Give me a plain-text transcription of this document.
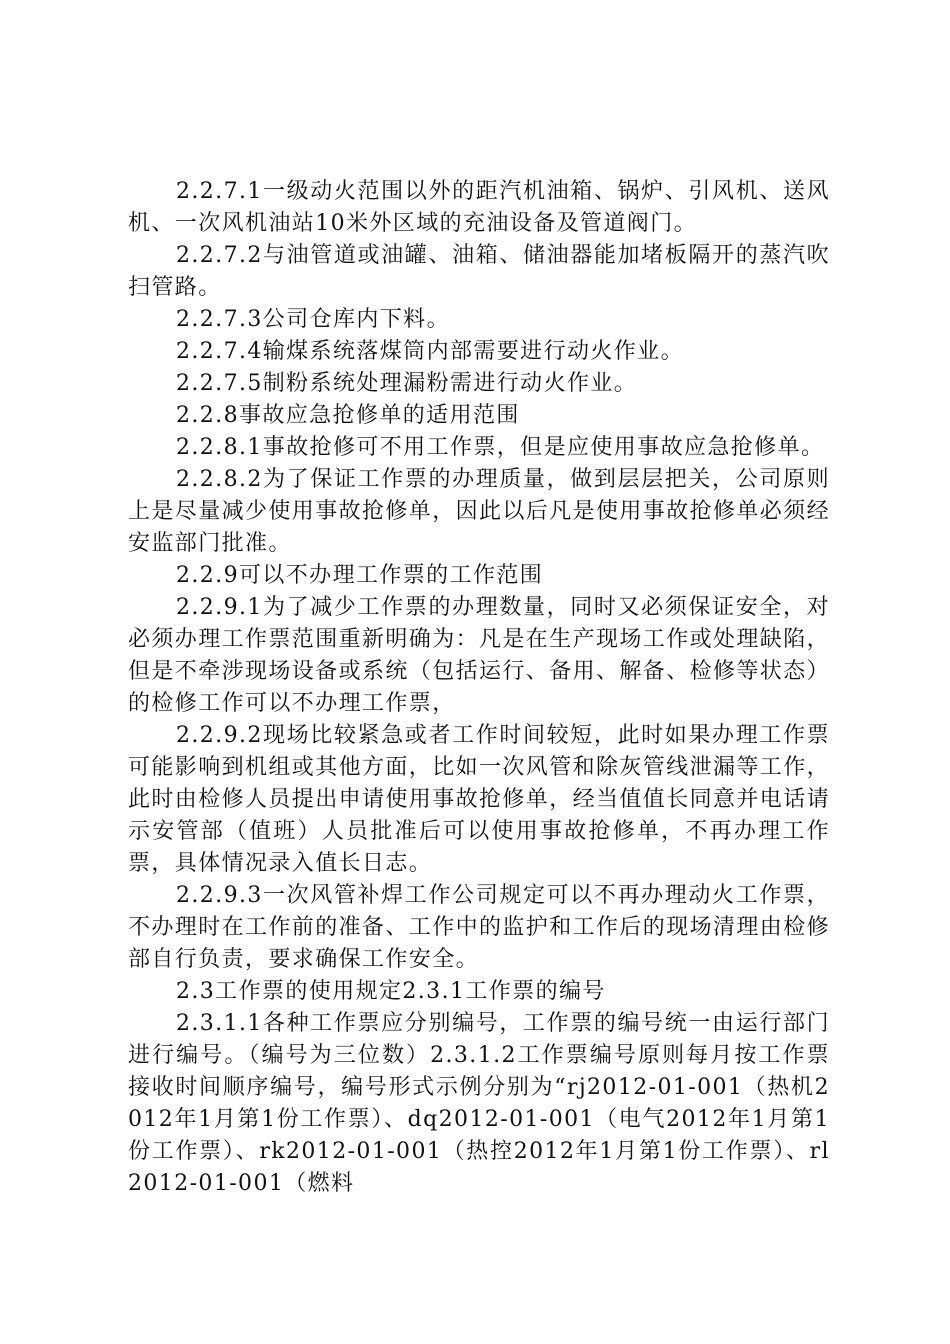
2.2.7.1一级动火范围以外的距汽机油箱、锅炉、引风机、送风机、一次风机油站10米外区域的充油设备及管道阀门。

2.2.7.2与油管道或油罐、油箱、储油器能加堵板隔开的蒸汽吹扫管路。

2.2.7.3公司仓库内下料。

2.2.7.4输煤系统落煤筒内部需要进行动火作业。

2.2.7.5制粉系统处理漏粉需进行动火作业。

2.2.8事故应急抢修单的适用范围

2.2.8.1事故抢修可不用工作票，但是应使用事故应急抢修单。

2.2.8.2为了保证工作票的办理质量，做到层层把关，公司原则上是尽量减少使用事故抢修单，因此以后凡是使用事故抢修单必须经安监部门批准。

2.2.9可以不办理工作票的工作范围

2.2.9.1为了减少工作票的办理数量，同时又必须保证安全，对必须办理工作票范围重新明确为：凡是在生产现场工作或处理缺陷，但是不牵涉现场设备或系统（包括运行、备用、解备、检修等状态）的检修工作可以不办理工作票，

2.2.9.2现场比较紧急或者工作时间较短，此时如果办理工作票可能影响到机组或其他方面，比如一次风管和除灰管线泄漏等工作，此时由检修人员提出申请使用事故抢修单，经当值值长同意并电话请示安管部（值班）人员批准后可以使用事故抢修单，不再办理工作票，具体情况录入值长日志。

2.2.9.3一次风管补焊工作公司规定可以不再办理动火工作票，不办理时在工作前的准备、工作中的监护和工作后的现场清理由检修部自行负责，要求确保工作安全。

2.3工作票的使用规定2.3.1工作票的编号

2.3.1.1各种工作票应分别编号，工作票的编号统一由运行部门进行编号。（编号为三位数）2.3.1.2工作票编号原则每月按工作票接收时间顺序编号，编号形式示例分别为“rj2012-01-001（热机2012年1月第1份工作票）、dq2012-01-001（电气2012年1月第1份工作票）、rk2012-01-001（热控2012年1月第1份工作票）、rl2012-01-001（燃料
